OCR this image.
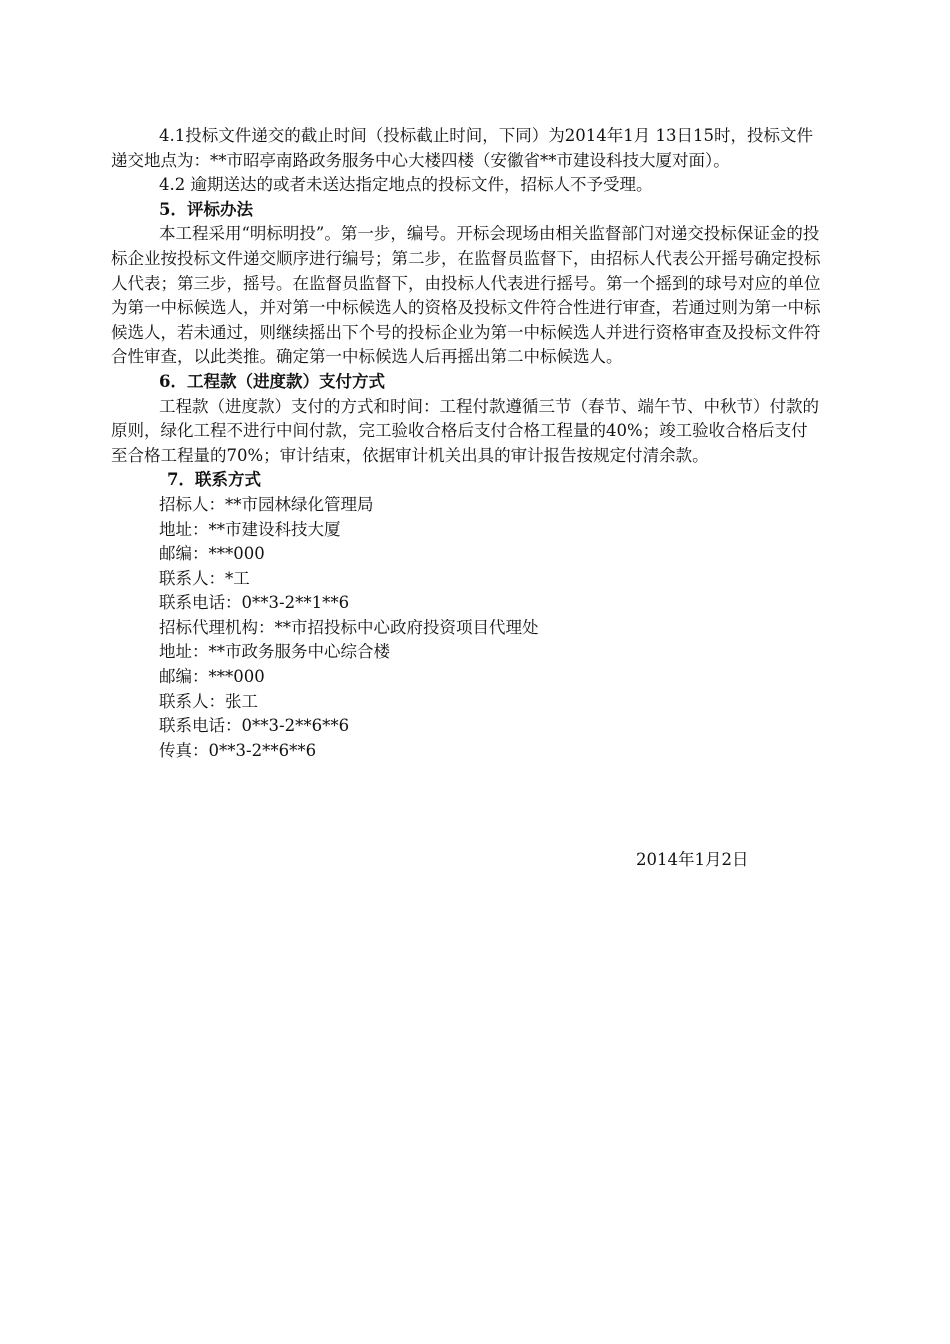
4.1投标文件递交的截止时间（投标截止时间，下同）为2014年1月 13日15时，投标文件递交地点为：**市昭亭南路政务服务中心大楼四楼（安徽省**市建设科技大厦对面）。

4.2 逾期送达的或者未送达指定地点的投标文件，招标人不予受理。

5．评标办法

本工程采用“明标明投”。第一步，编号。开标会现场由相关监督部门对递交投标保证金的投标企业按投标文件递交顺序进行编号；第二步，在监督员监督下，由招标人代表公开摇号确定投标人代表；第三步，摇号。在监督员监督下，由投标人代表进行摇号。第一个摇到的球号对应的单位为第一中标候选人，并对第一中标候选人的资格及投标文件符合性进行审查，若通过则为第一中标候选人，若未通过，则继续摇出下个号的投标企业为第一中标候选人并进行资格审查及投标文件符合性审查，以此类推。确定第一中标候选人后再摇出第二中标候选人。

6．工程款（进度款）支付方式

工程款（进度款）支付的方式和时间：工程付款遵循三节（春节、端午节、中秋节）付款的原则，绿化工程不进行中间付款，完工验收合格后支付合格工程量的40%；竣工验收合格后支付至合格工程量的70%；审计结束，依据审计机关出具的审计报告按规定付清余款。

7．联系方式

招标人：**市园林绿化管理局

地址：**市建设科技大厦

邮编：***000

联系人：*工

联系电话：0**3-2**1**6

招标代理机构：**市招投标中心政府投资项目代理处

地址：**市政务服务中心综合楼

邮编：***000

联系人：张工

联系电话：0**3-2**6**6

传真：0**3-2**6**6

2014年1月2日
